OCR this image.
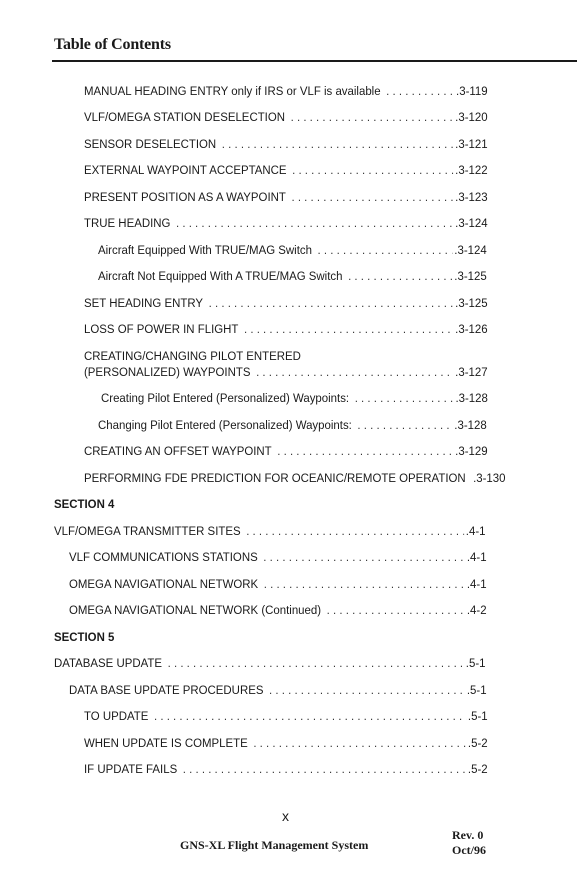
Table of Contents
MANUAL HEADING ENTRY only if IRS or VLF is available . . .	.3-119
VLF/OMEGA STATION DESELECTION . . .	.3-120
SENSOR DESELECTION . . .	.3-121
EXTERNAL WAYPOINT ACCEPTANCE . . .	.3-122
PRESENT POSITION AS A WAYPOINT . . .	.3-123
TRUE HEADING . . .	.3-124
Aircraft Equipped With TRUE/MAG Switch . . .	.3-124
Aircraft Not Equipped With A TRUE/MAG Switch . . .	.3-125
SET HEADING ENTRY . . .	.3-125
LOSS OF POWER IN FLIGHT . . .	.3-126
CREATING/CHANGING PILOT ENTERED
(PERSONALIZED) WAYPOINTS . . .	.3-127
Creating Pilot Entered (Personalized) Waypoints: . . .	.3-128
Changing Pilot Entered (Personalized) Waypoints: . . .	.3-128
CREATING AN OFFSET WAYPOINT . . .	.3-129
PERFORMING FDE PREDICTION FOR OCEANIC/REMOTE OPERATION .3-130
SECTION 4
VLF/OMEGA TRANSMITTER SITES . . .	.4-1
VLF COMMUNICATIONS STATIONS . . .	.4-1
OMEGA NAVIGATIONAL NETWORK . . .	.4-1
OMEGA NAVIGATIONAL NETWORK (Continued) . . .	.4-2
SECTION 5
DATABASE UPDATE . . .	.5-1
DATA BASE UPDATE PROCEDURES . . .	.5-1
TO UPDATE . . .	.5-1
WHEN UPDATE IS COMPLETE . . .	.5-2
IF UPDATE FAILS . . .	.5-2
x
GNS-XL Flight Management System
Rev. 0
Oct/96
